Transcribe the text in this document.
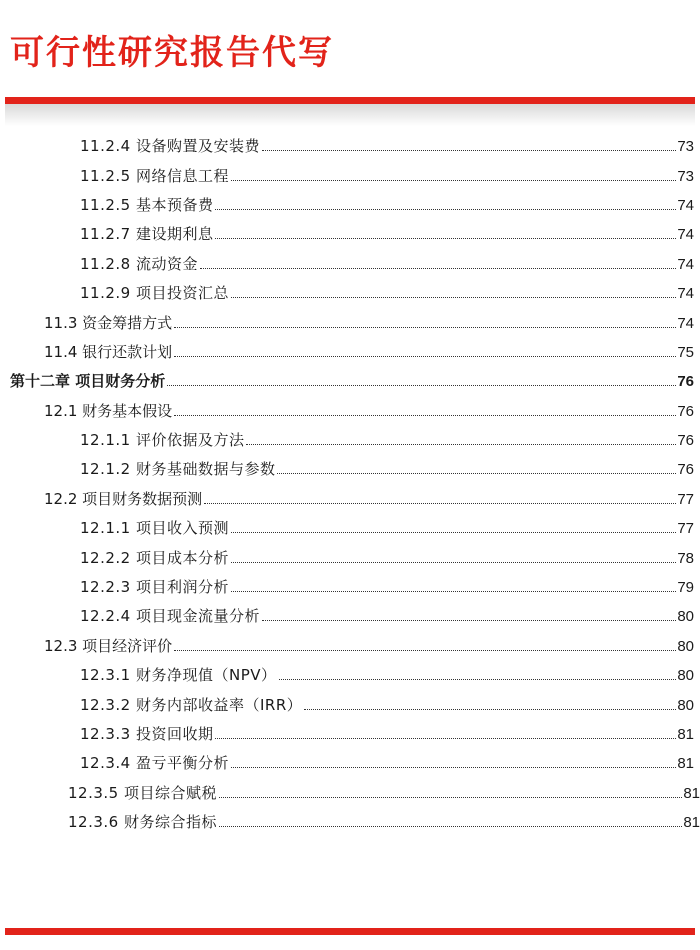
可行性研究报告代写
11.2.4 设备购置及安装费	73
11.2.5 网络信息工程	73
11.2.5 基本预备费	74
11.2.7 建设期利息	74
11.2.8 流动资金	74
11.2.9 项目投资汇总	74
11.3 资金筹措方式	74
11.4 银行还款计划	75
第十二章 项目财务分析	76
12.1 财务基本假设	76
12.1.1 评价依据及方法	76
12.1.2 财务基础数据与参数	76
12.2 项目财务数据预测	77
12.1.1 项目收入预测	77
12.2.2 项目成本分析	78
12.2.3 项目利润分析	79
12.2.4 项目现金流量分析	80
12.3 项目经济评价	80
12.3.1 财务净现值（NPV）	80
12.3.2 财务内部收益率（IRR）	80
12.3.3 投资回收期	81
12.3.4 盈亏平衡分析	81
12.3.5 项目综合赋税	81
12.3.6 财务综合指标	81
